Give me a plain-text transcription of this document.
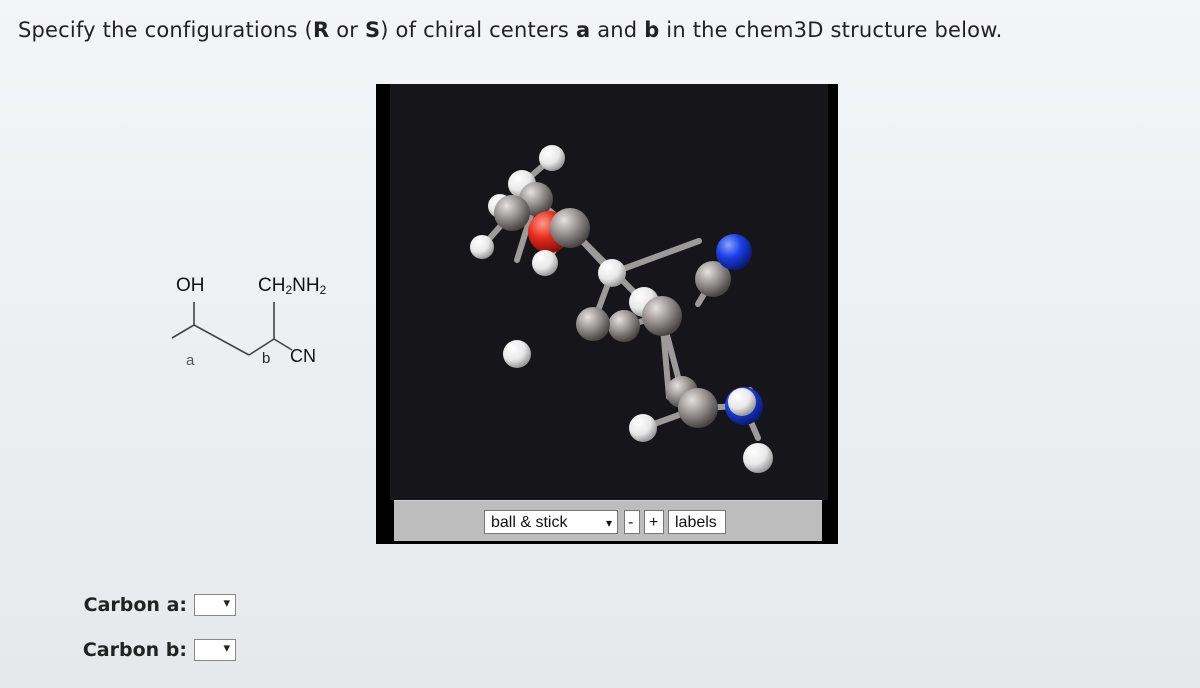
Specify the configurations (R or S) of chiral centers a and b in the chem3D structure below.
OH	$CH_2NH_2$
a	b CN
ball & stick	▾ - +	labels
Carbon a:	▾
Carbon b:	▾
